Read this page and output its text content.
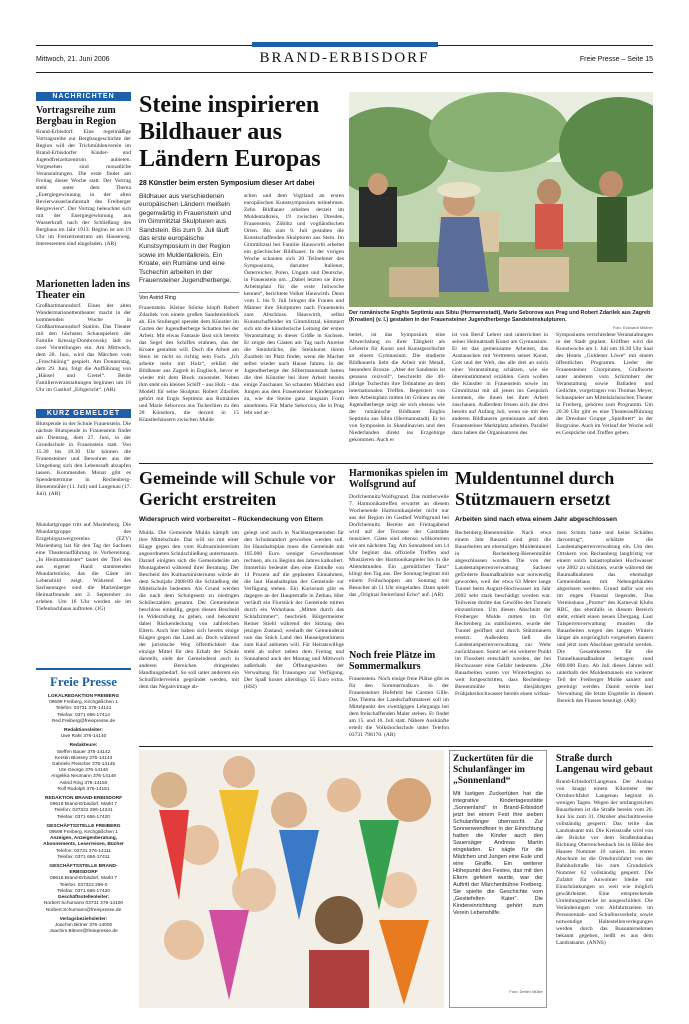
Mittwoch, 21. Juni 2006	BRAND-ERBISDORF	Freie Presse – Seite 15
NACHRICHTEN
Vortragsreihe zum Bergbau in Region
Brand-Erbisdorf. Eine regelmäßige Vortragsreihe zur Bergbaugeschichte der Region will der Trichmühlenverein im Brand-Erbisdorfer Kinder- und Jugendfreizeitzentrum anbieten. Vorgesehen sind monatliche Veranstaltungen. Die erste findet am Freitag dieser Woche statt. Der Vortrag steht unter dem Thema „Energiegewinnung in der alten Revierwasserlaufanstalt des Freiberger Bergreviers“. Der Vortrag beleuchtet sich mit der Energiegewinnung aus Wasserkraft nach der Schließung des Bergbaus im Jahr 1913. Beginn ist um 19 Uhr im Freizeitzentrum am Hauseweg. Interessenten sind eingeladen. (AR)
Marionetten laden ins Theater ein
Großhartmannsdorf. Eines der alten Wandermarionettentheater macht in der kommenden Woche in Großhartmannsdorf Station. Das Theater mit den höchsten Schauspielern der Familie Kressig-Dombrowsky lädt zu zwei Vorstellungen ein. Am Mittwoch, dem 28. Juni, wird das Märchen vom „Froschkönig“ gespielt. Am Donnerstag, dem 29. Juni, folgt die Aufführung von „Hänsel und Gretel“. Beide Familienveranstaltungen beginnen um 16 Uhr im Gasthof „Erbgericht“. (AR)
KURZ GEMELDET
Blutspende in der Schule Frauenstein. Die nächste Blutspende in Frauenstein findet am Dienstag, dem 27. Juni, in der Grundschule in Frauenstein statt. Von 15.30 bis 18.30 Uhr können die Frauensteiner und Bewohner aus der Umgebung sich den Lebenssaft abzapfen lassen. Kommenden Monat gibt es Spendentermine in Rechenberg-Bienenmühle (11. Juli) und Langenau (17. Juli). (AR)
Mundartgruppe tritt auf Marienberg. Die Mundartgruppe des Erzgebirgszweigvereins (EZV) Marienberg hat für den Tag der Sachsen eine Theateraufführung in Vorbereitung. „In Heimatminister“ lautet der Titel des aus eigener Hand stammenden Mundartstücks, das die Gäste im Lebensbild zeigt. Während des Sachsentages sind die Marienberger Heimatfreunde am 2. September zu erleben. Um 16 Uhr werden sie im Tiefenbachhaus auftreten. (JG)
Freie Presse
LOKALREDAKTION FREIBERG
09599 Freiberg, Kirchgäßchen 1
Telefon: 03731 376-14141
Telefax: 0371 656-17414
Red.Freiberg@freiepresse.de
Redaktionsleiter:
Uwe Rahr 376-14140
Redakteure:
Steffen Bauer 376-14142
Kerstin Blossey 376-14143
Gabriele Fleischer 376-14145
Ute George 376-14146
Angelika Neumann 376-14148
Astrid Ring 376-14150
Rolf Rudolph 376-14151
REDAKTION BRAND-ERBISDORF
09618 Brand-Erbisdorf, Markt 7
Telefon: 037322 296-14241
Telefax: 0371 656-17420
GESCHÄFTSSTELLE FREIBERG
09599 Freiberg, Kirchgäßchen 1
Anzeigen, Anzeigenberatung, Abonnements, Leserreisen, Bücher
Telefon: 03731 376-14111
Telefax: 0371 656-17411
GESCHÄFTSSTELLE BRAND-ERBISDORF
09618 Brand-Erbisdorf, Markt 7
Telefon: 037322 296-0
Telefax: 0371 656-17420
Geschäftsstellenleiter:
Norbert Schumann 03731 376-14100
Norbert.Schumann@freiepresse.de
Verlagsbeziehsleiter:
Joachim Bittner 376-14000
Joachim.Bittner@freiepresse.de
Steine inspirieren Bildhauer aus Ländern Europas
28 Künstler beim ersten Symposium dieser Art dabei
Bildhauer aus verschiedenen europäischen Ländern meißeln gegenwärtig in Frauenstein und im Gimmlitztal Skulpturen aus Sandstein. Bis zum 9. Juli läuft das erste europäische Kunstsymposium in der Region sowie im Muldentalkreis. Ein Kroate, ein Rumäne und eine Tschechin arbeiten in der Frauensteiner Jugendherberge.
Von Astrid Ring
Frauenstein. Kleine Stücke klopft Robert Zdarilek von einem großen Sandsteinblock ab. Ein Stollengel spendet dem Künstler im Garten der Jugendherberge Schatten bei der Arbeit. Mit etwas Fantasie lässt sich bereits das Segel des Schiffes erahnen, das der Kroate gestalten will. Doch die Arbeit am Stein ist nicht so richtig sein Fach. „Ich arbeite mehr mit Holz“, erklärt der Bildhauer aus Zagreb in Englisch, bevor er wieder mit dem Block zuwendet. Neben ihm steht ein kleines Schiff – aus Holz – das Modell für seine Skulptur. Robert Zdarilek gehört mit Engis Septimiu aus Rumänien und Marie Seborova aus Tschechien zu den 28 Künstlern, die derzeit in 15 Künstlerhäusern zwischen Mulde
schen und dem Vogtland an ersten europäischen Kunstsymposium teilnehmen. Zehn Bildhauer arbeiten derzeit im Muldentalkreis, 19 zwischen Dresden, Frauenstein, Zöblitz und vogtländischen Orten. Bis zum 9. Juli gestalten die Kunstschaffenden Skulpturen aus Stein. Im Gimmlitztal bei Familie Hauswirth arbeitet ein griechischer Bildhauer. In der vorigen Woche schauten sich 20 Teilnehmer des Symposiums, darunter Italiener, Österreicher, Polen, Ungarn und Deutsche, in Frauenstein um. „Dabei letzten sie ihren Arbeitsplatz für die erste Juliwoche kennen“, berichtete Volker Hauswirth. Denn vom 1. bis 9. Juli bringen die Frauen und Männer ihre Skulpturen nach Frauenstein zum Abschluss. Hauswirth, selbst Kunstschaffender im Gimmlitztal, kümmert sich um die künstlerische Leitung der ersten Veranstaltung in dieser Größe in Sachsen. Er zeigte den Gästen am Tag nach Anreise die Steinbrüche, die Steinkunst ihrem Zuarbeit im Platz findet, wenn die Macher selbst wieder nach Hause fahren. In der Jugendherberge der Silbermannstadt hatten die drei Künstler bei ihrer Arbeit bereits einige Zuschauer. So schauten Mädchen und Jungen aus dem Frauensteiner Kindergarten zu, wie die Steine ganz langsam Form annehmen. Für Marie Seborova, die in Prag lebt und ar-
Der rumänische Enghis Septimiu aus Sibiu (Hermannstadt), Marie Seborova aus Prag und Robert Zdarilek aus Zagreb (Kroatien) (v. l.) gestalten in der Frauensteiner Jugendherberge Sandsteinskulpturen.
Foto: Eckhardt Mildner
beitet, ist das Symposium eine Abwechslung zu ihrer Tätigkeit als Lehrerin für Kunst und Kunstgeschichte an einem Gymnasium. Die studierte Bildhauerin liebt die Arbeit mit Metall, besonders Bronze. „Aber der Sandstein ist genauso reizvoll“, beschreibt die 40-jährige Tschechin ihre Teilnahme an dem internationalen Treffen. Begeistert von dem Arbeitsplatz mitten im Grünen an der Jugendherberge zeigt sie sich ebenso wie der rumänische Bildhauer Enghis Septimiu aus Sibiu (Hermannstadt). Er ist von Symposien in Skandinavien und den Niederlanden direkt ins Erzgebirge gekommen. Auch er
ist von Beruf Lehrer und unterrichtet in seiner Heimatstadt Kunst am Gymnasium. Er ist das gemeinsame Arbeiten, das Austauschen mit Vertretern seiner Kunst, Gott und der Welt, das alle drei an solch einer Veranstaltung schätzen, wie sie übereinstimmend erzählen. Gern wollen die Künstler in Frauenstein sowie im Gimmlitztal mit all jenen ins Gespräch kommen, die ihnen bei ihrer Arbeit zuschauen. Außerdem freuen sich die drei bereits auf Anfang Juli, wenn sie mit den anderen Bildhauern gemeinsam auf dem Frauensteiner Marktplatz arbeiten. Parallel dazu haben die Organisatoren des
Symposiums verschiedene Veranstaltungen in der Stadt geplant. Eröffnet wird die Kunstwoche am 1. Juli um 16.30 Uhr Saal des Hotels „Goldener Löwe“ mit einem öffentlichen Programm. Lieder der Frauensteiner Chorpiraten, Grußworte unter anderem vom Schirmherr der Veranstaltung sowie Balladen und Gedichte, vorgetragen von Thomas Meyer, Schauspieler am Mittelsächsischen Theater in Freiberg, gehören zum Programm. Um 20.30 Uhr gibt es eine Theateraufführung der Dresdner Gruppe „Spielbrett“ in der Burgruine. Auch im Verlauf der Woche soll es Gespräche und Treffen geben.
Gemeinde will Schule vor Gericht erstreiten
Widerspruch wird vorbereitet – Rückendeckung von Eltern
Mulda. Die Gemeinde Mulda kämpft um ihre Mittelschule. Das will sie mit einer Klage gegen den vom Kultusministerium angeordneten Schulschließung untermauern. Darauf einigten sich die Gemeinderäte am Montagabend während ihrer Beratung. Der Bescheid des Kultusministeriums würde ab dem Schuljahr 2008/09 die Schließung der Mittelschule bedeuten. Als Grund werden die nach dem Schulgesetz zu niedrigen Schülerzahlen genannt. Der Gemeinderat beschloss einhellig, gegen diesen Bescheid in Widerrufung zu gehen, und bekommt dabei Rückendeckung von zahlreichen Eltern. Auch hier haben sich bereits einige Klagen gegen das Land an. Doch während der juristische Weg öffentlichkeit das einzige Mittel für den Erhalt der Schule darstellt, sieht der Gemeinderat auch in anderen Bereichen dringenden Handlungsbedarf. So soll unter anderem ein Schulförderverein gegründet werden, mit dem das Negativimage ab-
gelegt und auch in Nachbargemeinden für den Schulstandort geworben werden soll. Im Haushaltsplan muss die Gemeinde mit 105.000 Euro weniger Gewerbesteuer rechnen, als zu Beginn des Jahres kalkuliert. Immerhin bedeutet dies eine Einbuße von 14 Prozent auf die geplanten Einnahmen, die laut Haushaltsplan der Gemeinde zur Verfügung stehen. Ein Kuriosum gibt es dagegen an der Hauptstraße in Zethau. Hier verläuft ein Flurstück der Gemeinde mitten durch ein Wohnhaus. „Mitten durch das Schlafzimmer“, beschrieb Bürgermeister Reiner Stiehl während der Sitzung den jetzigen Zustand, weshalb der Gemeinderat nun das Stück Land den Hauseigentümern zum Kauf anbieten will. Für Heiratswillige steht ab sofort neben dem Freitag und Sonnabend auch der Montag und Mittwoch außerhalb der Öffnungszeiten der Verwaltung für Trauungen zur Verfügung. Der Spaß kostet allerdings 55 Euro extra. (HSI)
Harmonikas spielen im Wolfsgrund auf
Dorfchemnitz/Wolfsgrund. Das mittlerweile 7. Harmonikatreffen erwartet an diesem Wochenende Harmonikaspieler nicht nur aus der Region im Gasthof Wolfsgrund bei Dorfchemnitz. Bereits am Freitagabend wird auf der Terrasse der Gaststätte musiziert. Gäste sind ebenso willkommen wie am nächsten Tag. Am Sonnabend um 14 Uhr beginnt das offizielle Treffen und Musizieren der Harmonikaspieler bis in die Abendstunden. Ein „gemütlicher Tanz“ klingt den Tag aus. Der Sonntag beginnt mit einem Frühschoppen am Sonntag mit Besucher ab 11 Uhr eingeladen. Dann spielt das „Original Steirerland Echo“ auf. (AR)
Noch freie Plätze im Sommermalkurs
Frauenstein. Noch einige freie Plätze gibt es für den Sommermalkurs in der Frauensteiner Hofefeld bei Carsten Gille. Das Thema der Landschaftsmalerei soll im Mittelpunkt des zweitägigen Lehrgangs bei dem freischaffenden Maler stehen. Er findet am 15. und 16. Juli statt. Nähere Auskünfte erteilt die Volkshochschule unter Telefon 03731 798170. (AR)
Muldentunnel durch Stützmauern ersetzt
Arbeiten sind nach etwa einem Jahr abgeschlossen
Rechenberg-Bienenmühle. Nach etwa einem Jahr Bauzeit sind jetzt die Bauarbeiten am ehemaligen Muldentunnel in Rechenberg-Bienenmühle abgeschlossen worden. Die von der Landestalsperrenverwaltung Sachsen geförderte Baumaßnahme war notwendig geworden, weil der etwa 63 Meter lange Tunnel beim August-Hochwasser im Jahr 2002 sehr stark beschädigt worden war. Teilweise drohte das Gewölbe des Tunnels einzustürzen. Um diesen Abschnitt der Freiberger Mulde mitten im Ort Rechenberg zu stabilisieren, wurde der Tunnel geöffnet und durch Stützmauern ersetzt. Außerdem ließ die Landestalsperrenverwaltung zur Wehr zurückbauen. Somit sei ein weiterer Punkt im Flussbett entschärft worden, der bei Hochwasser eine Gefahr bedeutete. „Die Bauarbeiten waren vor Winterbeginn so weit fortgeschritten, dass Rechenberg-Bienenmühle beim diesjährigen Frühjahrshochwasser bereits einen wirksa-
men Schutz hatte und keine Schäden davontrug“, schätzte die Landestalsperrenverwaltung ein. Um den Ortskern von Rechenberg langfristig vor einem solch katastrophalen Hochwasser wie 2002 zu schützen, wurde während der Baumaßnahmen das ehemalige Gemeindehaus mit Nebengebäuden abgerissen werden. Grund dafür war ein im engen Flusstal liegender, Das Vereinshaus „Promo“ des Karneval Klubs RBC, das ebenfalls in diesem Bereich steht, erhielt einen neuen Übergang. Laut Talsperrenverwaltung mussten die Bauarbeiten wegen des langen Winters länger als ursprünglich vorgesehen dauern und jetzt zum Abschluss gebracht werden. Die Gesamtkosten für die Tunnelbaumaßnahme betragen rund 600.000 Euro. Ab Juli dieses Jahres soll unterhalb des Muldentunnels ein weiterer Teil der Freiberger Mulde saniert und gereinigt werden. Damit werde laut Verwaltung die letzte Engstelle in diesem Bereich des Flusses beseitigt. (AR)
Zuckertüten für die Schulanfänger im „Sonnenland“
Mit lustigen Zuckertüten hat die integrative Kindertagesstätte „Sonnenland“ in Brand-Erbisdorf jetzt bei einem Fest ihre sieben Schulanfänger überrascht. Zur Sonnenwendfeier in der Einrichtung hatten die Kinder auch den Sauersäger Andreas Martin eingeladen. Er sägte für die Mädchen und Jungen eine Eule und eine Giraffe. Ein weiterer Höhepunkt des Festes, das mit den Eltern gefeiert wurde, war der Auftritt der Märchenbühne Freiberg. Sie spielte die Geschichte vom „Gestiefelten Kater“. Die Kindereinrichtung gehört zum Verein Lebenshilfe.
Foto: Detlev Müller
Straße durch Langenau wird gebaut
Brand-Erbisdorf/Langenau. Der Ausbau von knapp einem Kilometer der Ortsdurchfahrt Langenau beginnt in wenigen Tagen. Wegen der umfangreichen Bauarbeiten ist die Straße bereits vom 26. Juni bis zum 31. Oktober abschnittsweise vollständig gesperrt. Das teilte das Landratsamt mit. Die Kreisstraße wird von der Brücke vor dem Straßenbaubau Richtung Oberreichenbach bis in Höhe des Hauses Nummer 10 saniert. Im ersten Abschnitt ist die Ortsdurchfahrt von der Bahnhofstraße bis zum Grundstück Nummer 62 vollständig gesperrt. Die Zufahrt für Anwohner bleibe mit Einschränkungen so weit wie möglich gewährleistet. Eine entsprechende Umleitungsstrecke ist ausgeschildert. Die Veränderungen von Abfahrtszeiten im Personennah- und Schulbusverkehr, sowie notwendige Haltestellenverlegungen werden durch das Busunternehmen bekannt gegeben, heißt es aus dem Landratsamt. (ANNS)
